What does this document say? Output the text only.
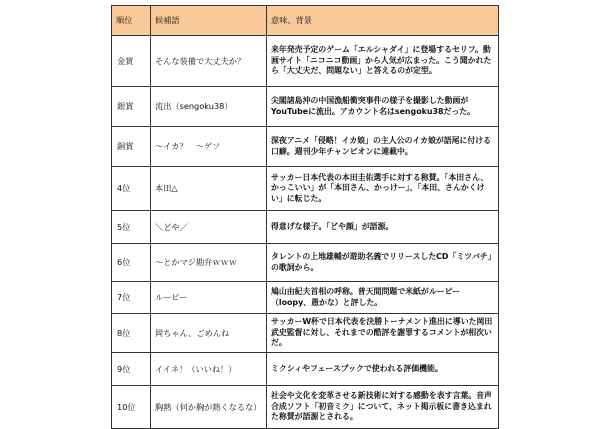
順位	候補語	意味、背景
金賞	そんな装備で大丈夫か？	来年発売予定のゲーム「エルシャダイ」に登場するセリフ。動画サイト「ニコニコ動画」から人気が広まった。こう聞かれたら「大丈夫だ、問題ない」と答えるのが定型。
銀賞	流出（sengoku38）	尖閣諸島沖の中国漁船衝突事件の様子を撮影した動画がYouTubeに流出。アカウント名はsengoku38だった。
銅賞	～イカ？　～ゲソ	深夜アニメ「侵略！イカ娘」の主人公のイカ娘が語尾に付ける口癖。週刊少年チャンピオンに連載中。
4位	本田△	サッカー日本代表の本田圭佑選手に対する称賛。「本田さん、かっこいい」が「本田さん、かっけー」、「本田、さんかくけい」に転じた。
5位	＼どや／	得意げな様子。「どや顔」が語源。
6位	～とかマジ勘弁ｗｗｗ	タレントの上地雄輔が遊助名義でリリースしたCD「ミツバチ」の歌詞から。
7位	ルーピー	鳩山由紀夫首相の呼称。普天間問題で米紙がルーピー（loopy、愚かな）と評した。
8位	岡ちゃん、ごめんね	サッカーW杯で日本代表を決勝トーナメント進出に導いた岡田武史監督に対し、それまでの酷評を謝罪するコメントが相次いだ。
9位	イイネ！（いいね！）	ミクシィやフェースブックで使われる評価機能。
10位	胸熱（何か胸が熱くなるな）	社会や文化を変革させる新技術に対する感動を表す言葉。音声合成ソフト「初音ミク」について、ネット掲示板に書き込まれた称賛が語源とされる。
